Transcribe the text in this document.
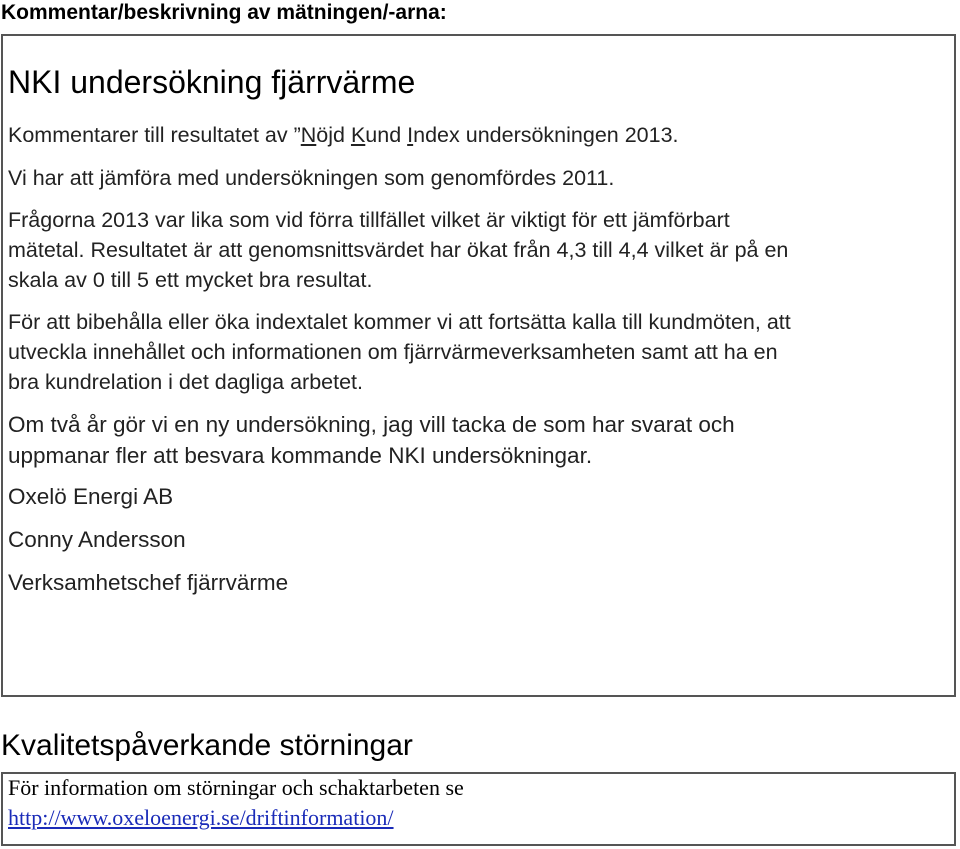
Kommentar/beskrivning av mätningen/-arna:
NKI undersökning fjärrvärme
Kommentarer till resultatet av ”Nöjd Kund Index undersökningen 2013.
Vi har att jämföra med undersökningen som genomfördes 2011.
Frågorna 2013 var lika som vid förra tillfället vilket är viktigt för ett jämförbart
mätetal. Resultatet är att genomsnittsvärdet har ökat från 4,3 till 4,4 vilket är på en
skala av 0 till 5 ett mycket bra resultat.
För att bibehålla eller öka indextalet kommer vi att fortsätta kalla till kundmöten, att
utveckla innehållet och informationen om fjärrvärmeverksamheten samt att ha en
bra kundrelation i det dagliga arbetet.
Om två år gör vi en ny undersökning, jag vill tacka de som har svarat och
uppmanar fler att besvara kommande NKI undersökningar.
Oxelö Energi AB
Conny Andersson
Verksamhetschef fjärrvärme
Kvalitetspåverkande störningar
För information om störningar och schaktarbeten se
http://www.oxeloenergi.se/driftinformation/
